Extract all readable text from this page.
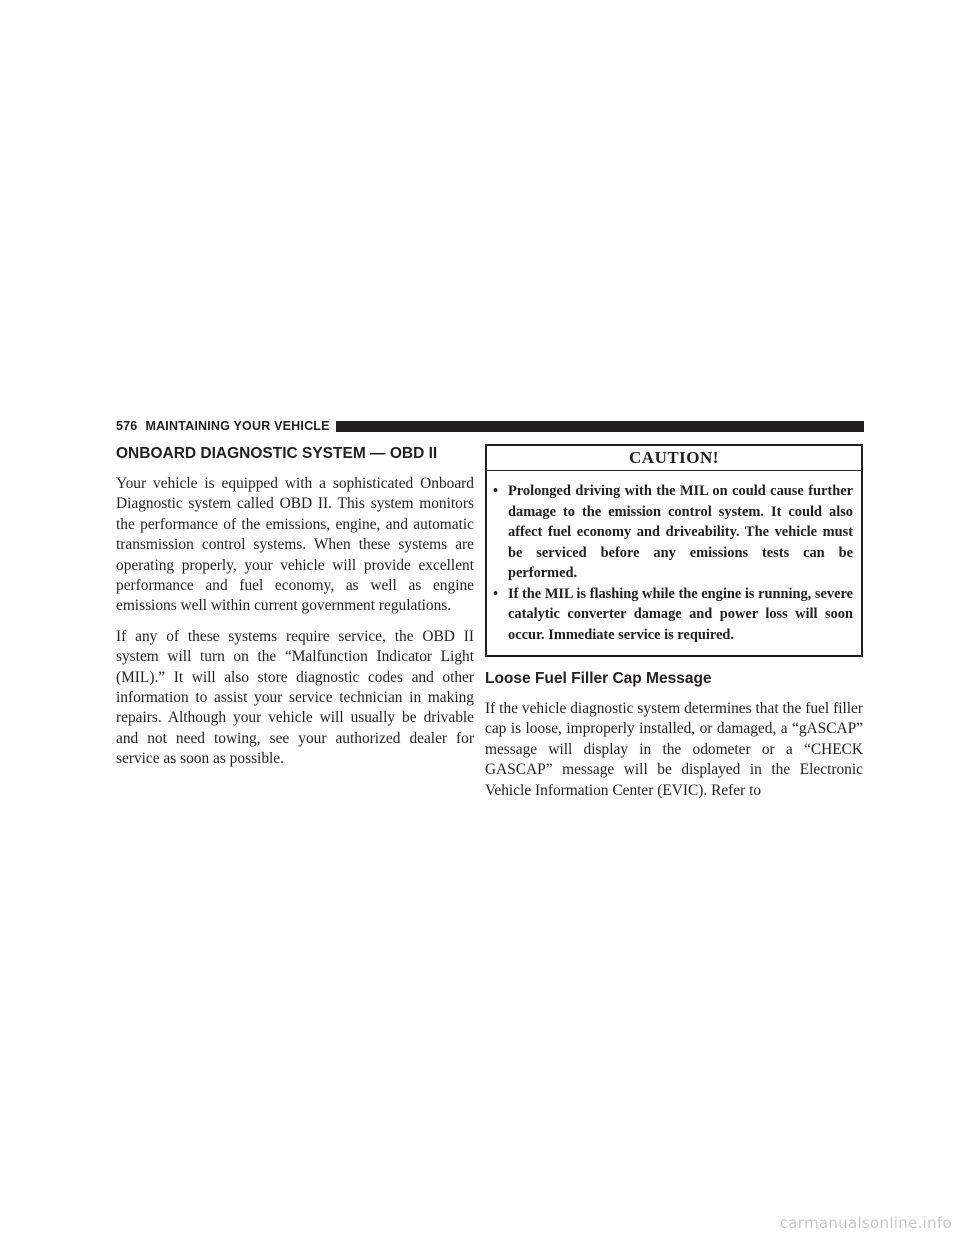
576 MAINTAINING YOUR VEHICLE
ONBOARD DIAGNOSTIC SYSTEM — OBD II

Your vehicle is equipped with a sophisticated Onboard Diagnostic system called OBD II. This system monitors the performance of the emissions, engine, and automatic transmission control systems. When these systems are operating properly, your vehicle will provide excellent performance and fuel economy, as well as engine emissions well within current government regulations.

If any of these systems require service, the OBD II system will turn on the “Malfunction Indicator Light (MIL).” It will also store diagnostic codes and other information to assist your service technician in making repairs. Although your vehicle will usually be drivable and not need towing, see your authorized dealer for service as soon as possible.

CAUTION!
• Prolonged driving with the MIL on could cause further damage to the emission control system. It could also affect fuel economy and driveability. The vehicle must be serviced before any emissions tests can be performed.
• If the MIL is flashing while the engine is running, severe catalytic converter damage and power loss will soon occur. Immediate service is required.
Loose Fuel Filler Cap Message

If the vehicle diagnostic system determines that the fuel filler cap is loose, improperly installed, or damaged, a “gASCAP” message will display in the odometer or a “CHECK GASCAP” message will be displayed in the Electronic Vehicle Information Center (EVIC). Refer to

carmanualsonline.info
